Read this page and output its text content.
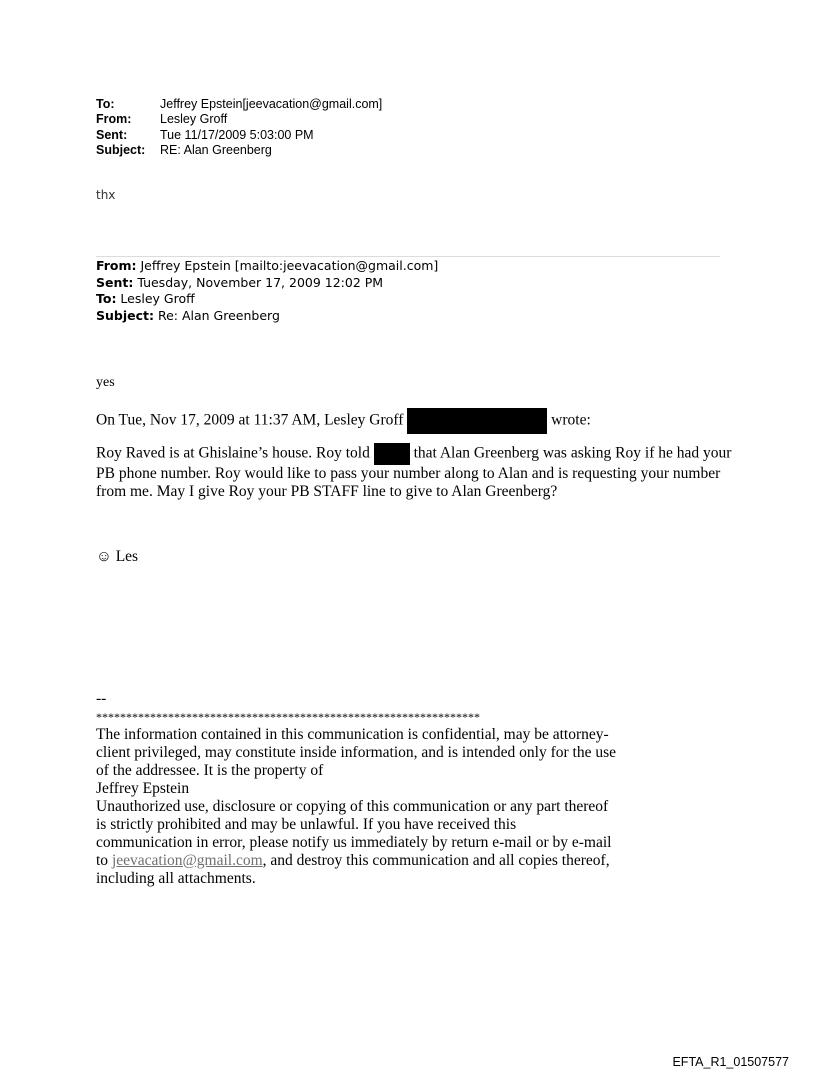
To:	Jeffrey Epstein[jeevacation@gmail.com]
From:	Lesley Groff
Sent:	Tue 11/17/2009 5:03:00 PM
Subject:	RE: Alan Greenberg
thx
From: Jeffrey Epstein [mailto:jeevacation@gmail.com]
Sent: Tuesday, November 17, 2009 12:02 PM
To: Lesley Groff
Subject: Re: Alan Greenberg
yes
On Tue, Nov 17, 2009 at 11:37 AM, Lesley Groff	wrote:
Roy Raved is at Ghislaine’s house. Roy told  that Alan Greenberg was asking Roy if he had your PB phone number. Roy would like to pass your number along to Alan and is requesting your number from me. May I give Roy your PB STAFF line to give to Alan Greenberg?
☺ Les
--
****************************************************************
The information contained in this communication is confidential, may be attorney-client privileged, may constitute inside information, and is intended only for the use of the addressee. It is the property of
Jeffrey Epstein
Unauthorized use, disclosure or copying of this communication or any part thereof is strictly prohibited and may be unlawful. If you have received this communication in error, please notify us immediately by return e-mail or by e-mail to jeevacation@gmail.com, and destroy this communication and all copies thereof, including all attachments.
EFTA_R1_01507577
